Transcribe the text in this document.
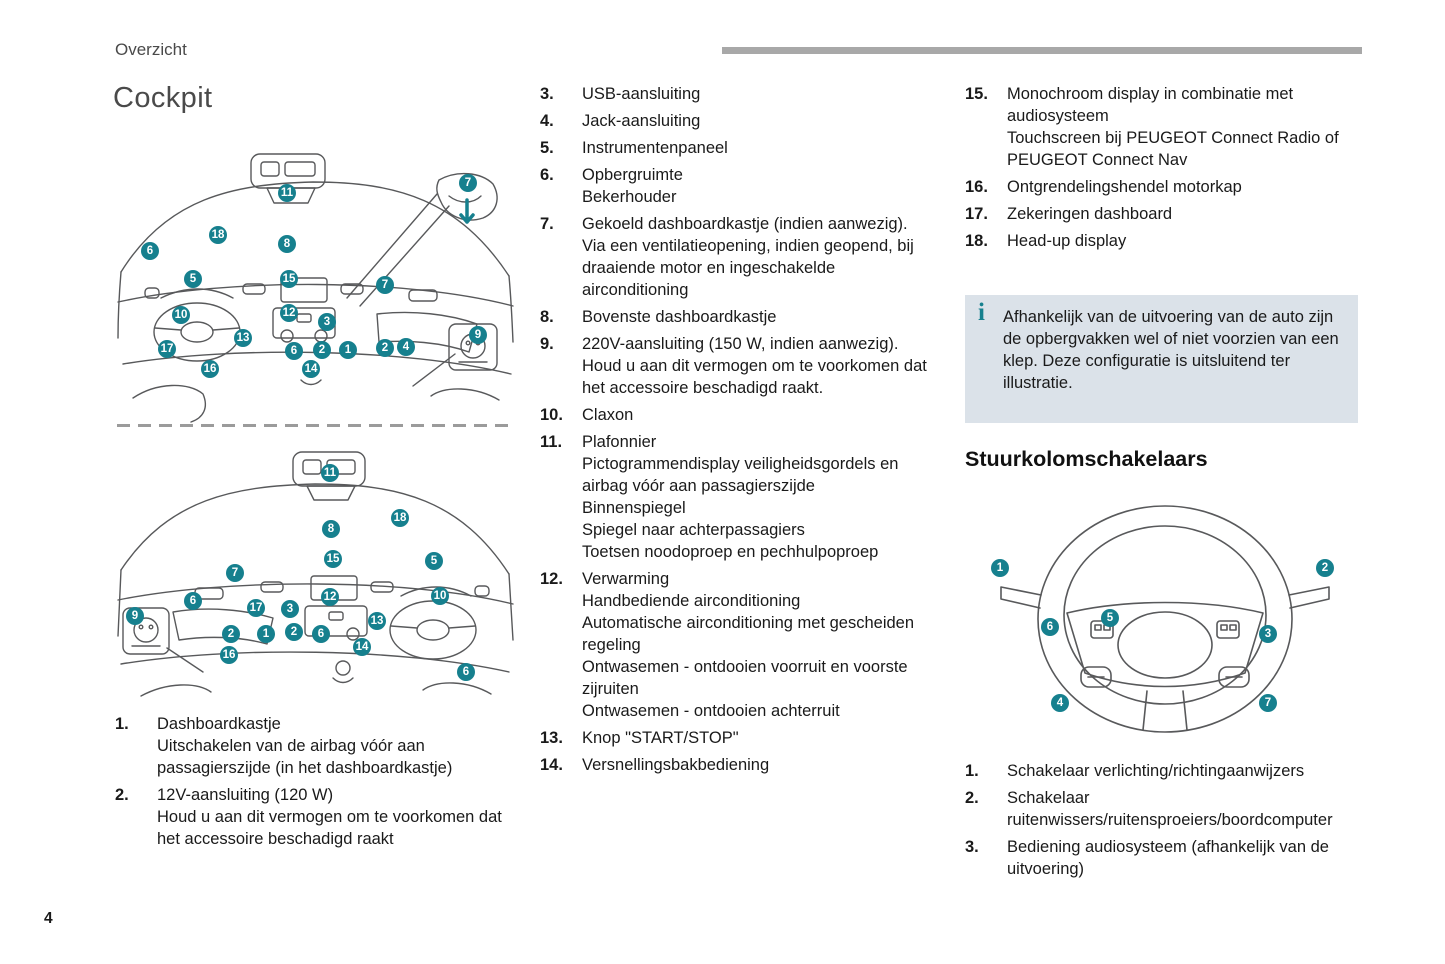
Overzicht
Cockpit
7
11
18
8
6
5	15	7
10	12
3
13	9
17	6	2	1	2	4
16	14
11
8
18
5
15
7
10
6	12
17	3
9	13
2	1	2	6
14
16
6
1.	Dashboardkastje
Uitschakelen van de airbag vóór aan passagierszijde (in het dashboardkastje)
2.	12V-aansluiting (120 W)
Houd u aan dit vermogen om te voorkomen dat het accessoire beschadigd raakt
3.	USB-aansluiting
4.	Jack-aansluiting
5.	Instrumentenpaneel
6.	Opbergruimte
Bekerhouder
7.	Gekoeld dashboardkastje (indien aanwezig).
Via een ventilatieopening, indien geopend, bij draaiende motor en ingeschakelde airconditioning
8.	Bovenste dashboardkastje
9.	220V-aansluiting (150 W, indien aanwezig).
Houd u aan dit vermogen om te voorkomen dat het accessoire beschadigd raakt.
10.	Claxon
11.	Plafonnier
Pictogrammendisplay veiligheidsgordels en airbag vóór aan passagierszijde
Binnenspiegel
Spiegel naar achterpassagiers
Toetsen noodoproep en pechhulpoproep
12.	Verwarming
Handbediende airconditioning
Automatische airconditioning met gescheiden regeling
Ontwasemen - ontdooien voorruit en voorste zijruiten
Ontwasemen - ontdooien achterruit
13.	Knop "START/STOP"
14.	Versnellingsbakbediening
15.	Monochroom display in combinatie met audiosysteem
Touchscreen bij PEUGEOT Connect Radio of PEUGEOT Connect Nav
16.	Ontgrendelingshendel motorkap
17.	Zekeringen dashboard
18.	Head-up display
i Afhankelijk van de uitvoering van de auto zijn de opbergvakken wel of niet voorzien van een klep. Deze configuratie is uitsluitend ter illustratie.
Stuurkolomschakelaars
1	2
6
5
3
4	7
1.	Schakelaar verlichting/richtingaanwijzers
2.	Schakelaar ruitenwissers/ruitensproeiers/boordcomputer
3.	Bediening audiosysteem (afhankelijk van de uitvoering)
4
